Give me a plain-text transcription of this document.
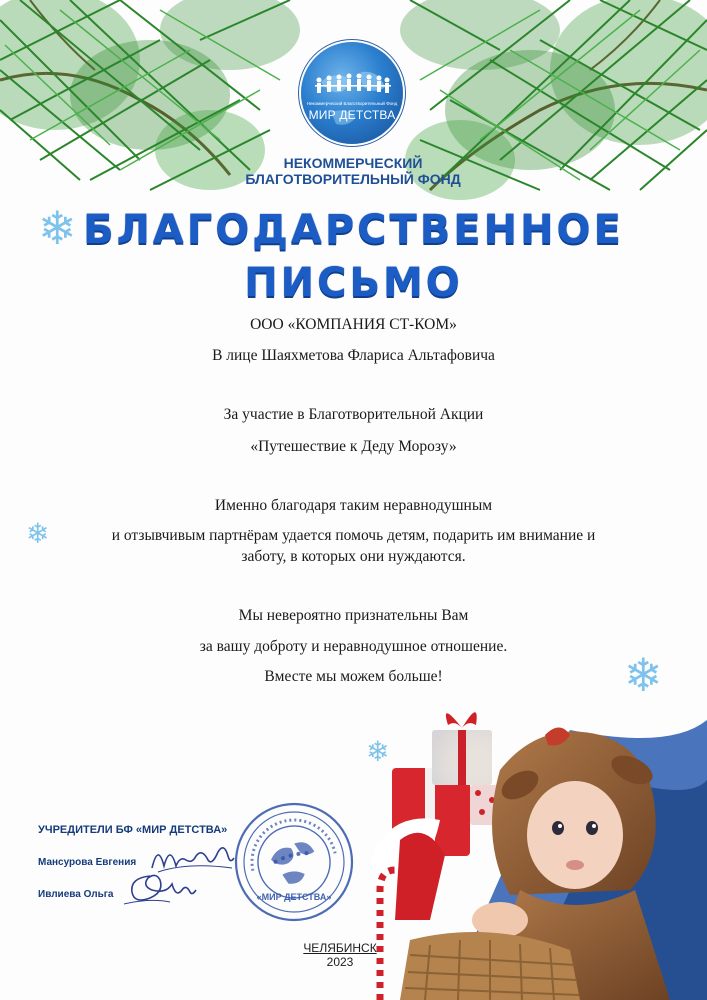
Некоммерческий Благотворительный Фонд
МИР ДЕТСТВА
НЕКОММЕРЧЕСКИЙ
БЛАГОТВОРИТЕЛЬНЫЙ ФОНД
БЛАГОДАРСТВЕННОЕ
ПИСЬМО
❄
❄
❄
❄
ООО «КОМПАНИЯ СТ-КОМ»
В лице Шаяхметова Флариса Альтафовича
За участие в Благотворительной Акции
«Путешествие к Деду Морозу»
Именно благодаря таким неравнодушным
и отзывчивым партнёрам удается помочь детям, подарить им внимание и
заботу, в которых они нуждаются.
Мы невероятно признательны Вам
за вашу доброту и неравнодушное отношение.
Вместе мы можем больше!
УЧРЕДИТЕЛИ БФ «МИР ДЕТСТВА»
Мансурова Евгения
Ивлиева Ольга	«МИР ДЕТСТВА»
ЧЕЛЯБИНСК
2023
